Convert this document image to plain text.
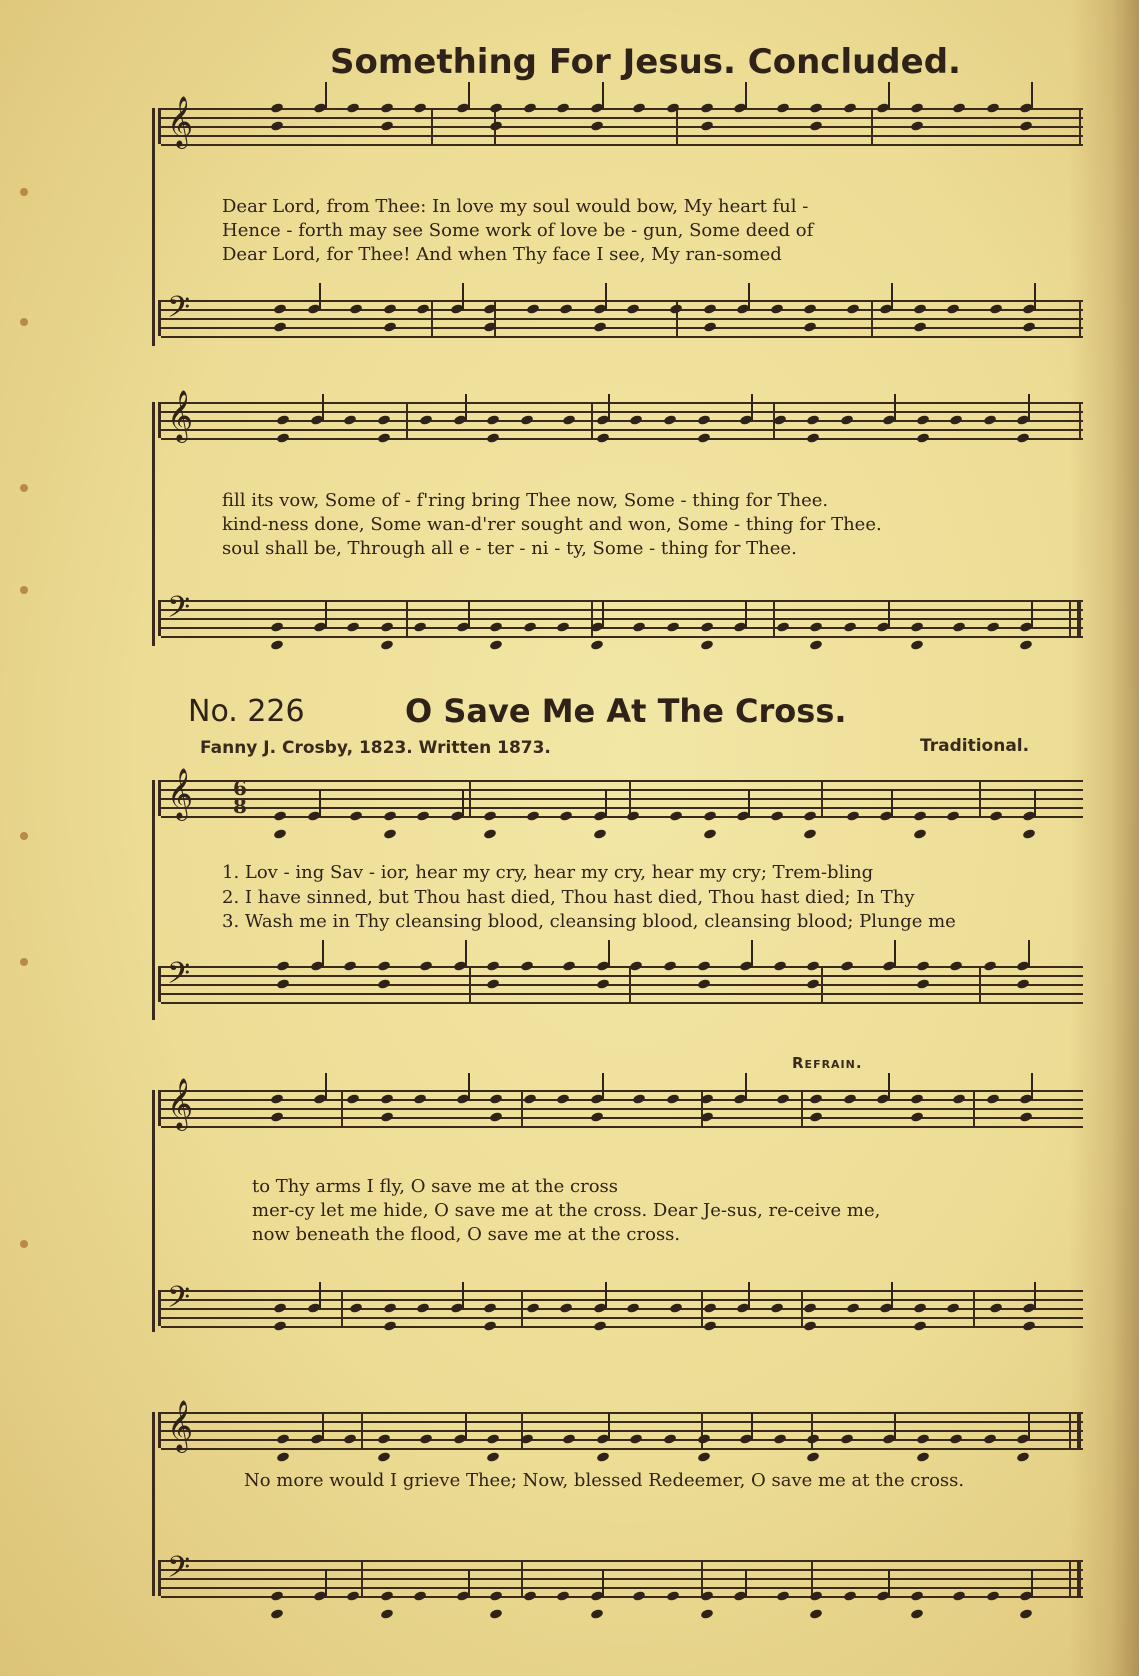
Something For Jesus. Concluded.
𝄞
Dear Lord, from Thee: In love my soul would bow, My heart ful -
Hence - forth may see Some work of love be - gun, Some deed of
Dear Lord, for Thee! And when Thy face I see, My ran-somed
𝄢
𝄞
fill its vow, Some of - f'ring bring Thee now, Some - thing for Thee.
kind-ness done, Some wan-d'rer sought and won, Some - thing for Thee.
soul shall be, Through all e - ter - ni - ty, Some - thing for Thee.
𝄢
No. 226	O Save Me At The Cross.
Fanny J. Crosby, 1823. Written 1873.	Traditional.
𝄞 6
8
1. Lov - ing Sav - ior, hear my cry, hear my cry, hear my cry; Trem-bling
2. I have sinned, but Thou hast died, Thou hast died, Thou hast died; In Thy
3. Wash me in Thy cleansing blood, cleansing blood, cleansing blood; Plunge me
𝄢
Refrain.
𝄞
to Thy arms I fly, O save me at the cross
mer-cy let me hide, O save me at the cross. Dear Je-sus, re-ceive me,
now beneath the flood, O save me at the cross.
𝄢
𝄞
No more would I grieve Thee; Now, blessed Redeemer, O save me at the cross.
𝄢
